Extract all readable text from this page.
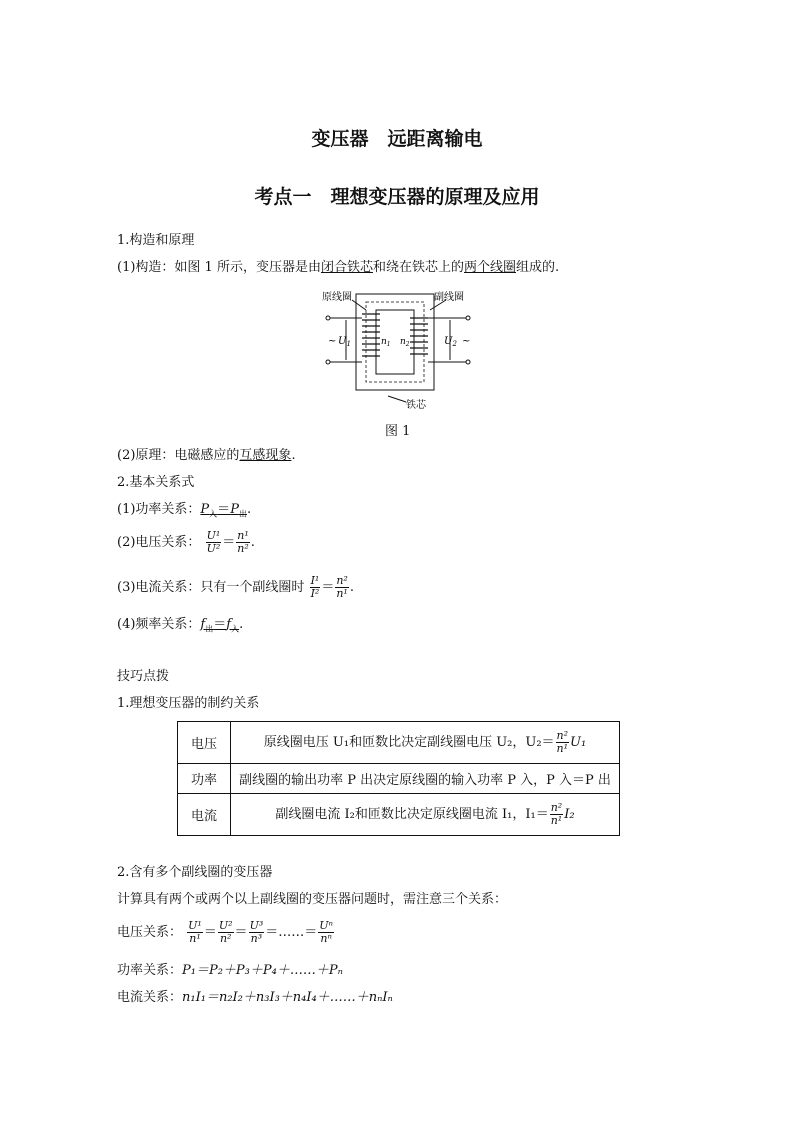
变压器　远距离输电
考点一　理想变压器的原理及应用
1.构造和原理
(1)构造：如图 1 所示，变压器是由闭合铁芯和绕在铁芯上的两个线圈组成的.
原线圈	副线圈
~	~
$U_1$	$U_2$
$n_1$ $n_2$
铁芯
图 1
(2)原理：电磁感应的互感现象.
2.基本关系式
(1)功率关系：$P_入=P_出$.
(2)电压关系： $\frac{\text{U¹}}{\text{U²}} = \frac{\text{n¹}}{\text{n²}}$ .
(3)电流关系：只有一个副线圈时 $\frac{\text{I¹}}{\text{I²}} = \frac{\text{n²}}{\text{n¹}}$ .
(4)频率关系：$f_出=f_入$.
技巧点拨
1.理想变压器的制约关系
电压	原线圈电压 U₁和匝数比决定副线圈电压 U₂，$U_2= \frac{\text{n²}}{\text{n¹}} U_1$
功率	副线圈的输出功率 P 出决定原线圈的输入功率 P 入，P 入＝P 出
电流	副线圈电流 I₂和匝数比决定原线圈电流 I₁，$I_1= \frac{\text{n²}}{\text{n¹}} I_2$
2.含有多个副线圈的变压器
计算具有两个或两个以上副线圈的变压器问题时，需注意三个关系：
电压关系： $\frac{\text{U¹}}{\text{n¹}} = \frac{\text{U²}}{\text{n²}} = \frac{\text{U³}}{\text{n³}}$ ＝……＝ $\frac{\text{Uⁿ}}{\text{nⁿ}}$
功率关系：P₁＝P₂＋P₃＋P₄＋……＋Pₙ
电流关系：n₁I₁＝n₂I₂＋n₃I₃＋n₄I₄＋……＋nₙIₙ
